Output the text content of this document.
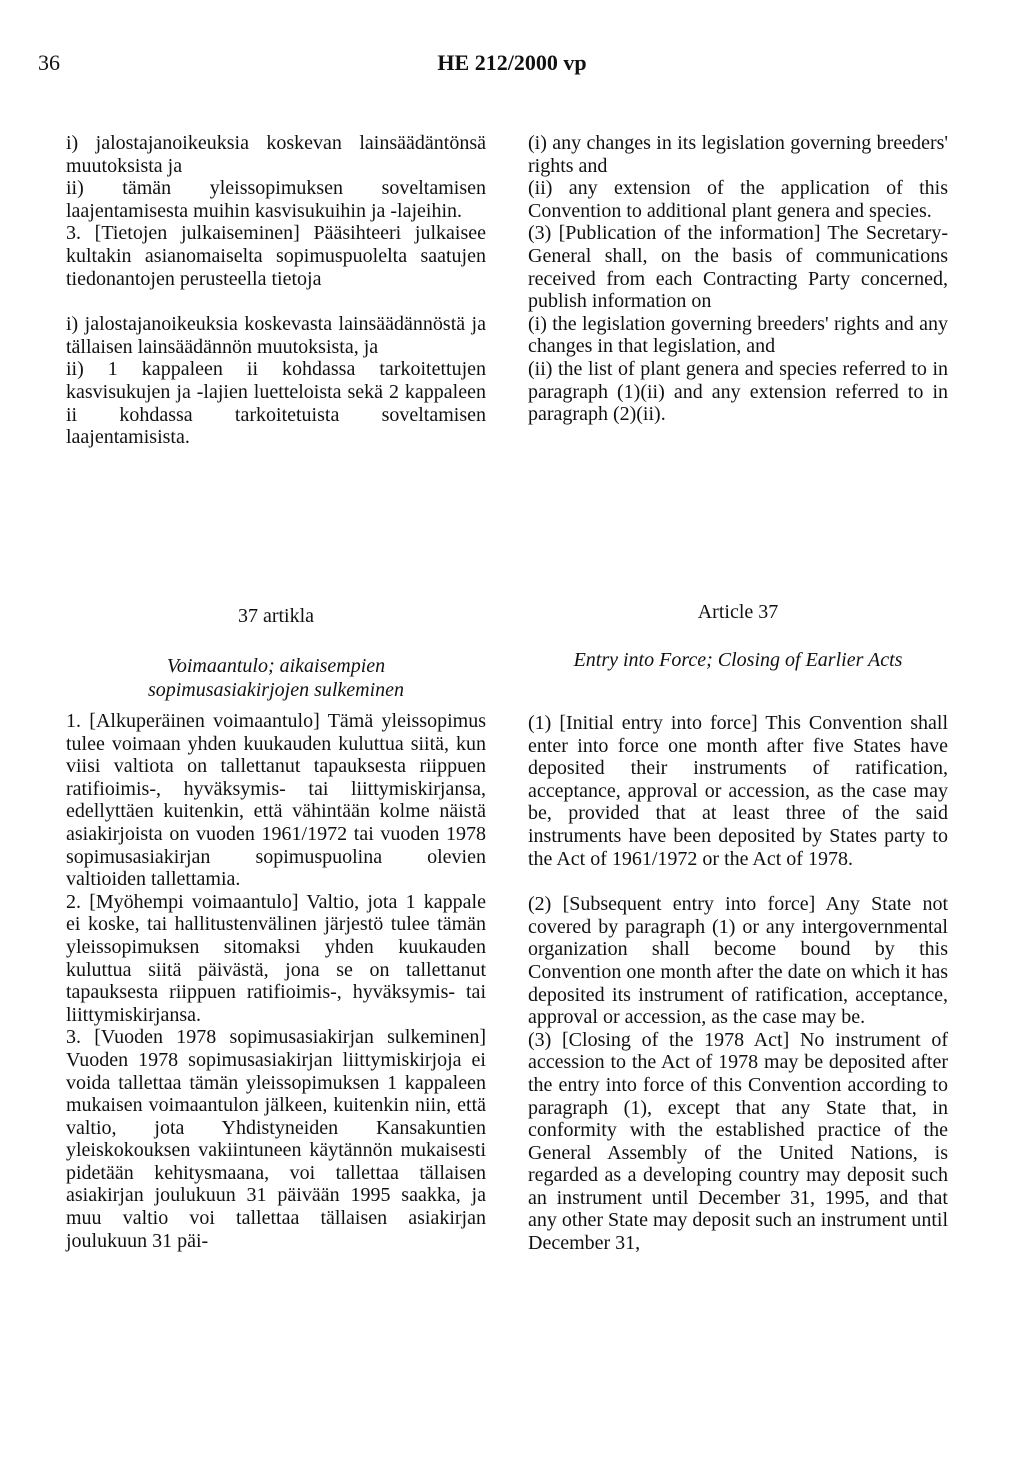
36	HE 212/2000 vp

i) jalostajanoikeuksia koskevan lainsäädäntönsä muutoksista ja

ii) tämän yleissopimuksen soveltamisen laajentamisesta muihin kasvisukuihin ja -lajeihin.

3. [Tietojen julkaiseminen] Pääsihteeri julkaisee kultakin asianomaiselta sopimuspuolelta saatujen tiedonantojen perusteella tietoja

i) jalostajanoikeuksia koskevasta lainsäädännöstä ja tällaisen lainsäädännön muutoksista, ja

ii) 1 kappaleen ii kohdassa tarkoitettujen kasvisukujen ja -lajien luetteloista sekä 2 kappaleen ii kohdassa tarkoitetuista soveltamisen laajentamisista.

(i) any changes in its legislation governing breeders' rights and

(ii) any extension of the application of this Convention to additional plant genera and species.

(3) [Publication of the information] The Secretary-General shall, on the basis of communications received from each Contracting Party concerned, publish information on

(i) the legislation governing breeders' rights and any changes in that legislation, and

(ii) the list of plant genera and species referred to in paragraph (1)(ii) and any extension referred to in paragraph (2)(ii).

37 artikla
Voimaantulo; aikaisempien sopimusasiakirjojen sulkeminen
Article 37
Entry into Force; Closing of Earlier Acts

1. [Alkuperäinen voimaantulo] Tämä yleissopimus tulee voimaan yhden kuukauden kuluttua siitä, kun viisi valtiota on tallettanut tapauksesta riippuen ratifioimis-, hyväksymis- tai liittymiskirjansa, edellyttäen kuitenkin, että vähintään kolme näistä asiakirjoista on vuoden 1961/1972 tai vuoden 1978 sopimusasiakirjan sopimuspuolina olevien valtioiden tallettamia.

2. [Myöhempi voimaantulo] Valtio, jota 1 kappale ei koske, tai hallitustenvälinen järjestö tulee tämän yleissopimuksen sitomaksi yhden kuukauden kuluttua siitä päivästä, jona se on tallettanut tapauksesta riippuen ratifioimis-, hyväksymis- tai liittymiskirjansa.

3. [Vuoden 1978 sopimusasiakirjan sulkeminen] Vuoden 1978 sopimusasiakirjan liittymiskirjoja ei voida tallettaa tämän yleissopimuksen 1 kappaleen mukaisen voimaantulon jälkeen, kuitenkin niin, että valtio, jota Yhdistyneiden Kansakuntien yleiskokouksen vakiintuneen käytännön mukaisesti pidetään kehitysmaana, voi tallettaa tällaisen asiakirjan joulukuun 31 päivään 1995 saakka, ja muu valtio voi tallettaa tällaisen asiakirjan joulukuun 31 päi-

(1) [Initial entry into force] This Convention shall enter into force one month after five States have deposited their instruments of ratification, acceptance, approval or accession, as the case may be, provided that at least three of the said instruments have been deposited by States party to the Act of 1961/1972 or the Act of 1978.

(2) [Subsequent entry into force] Any State not covered by paragraph (1) or any intergovernmental organization shall become bound by this Convention one month after the date on which it has deposited its instrument of ratification, acceptance, approval or accession, as the case may be.

(3) [Closing of the 1978 Act] No instrument of accession to the Act of 1978 may be deposited after the entry into force of this Convention according to paragraph (1), except that any State that, in conformity with the established practice of the General Assembly of the United Nations, is regarded as a developing country may deposit such an instrument until December 31, 1995, and that any other State may deposit such an instrument until December 31,
